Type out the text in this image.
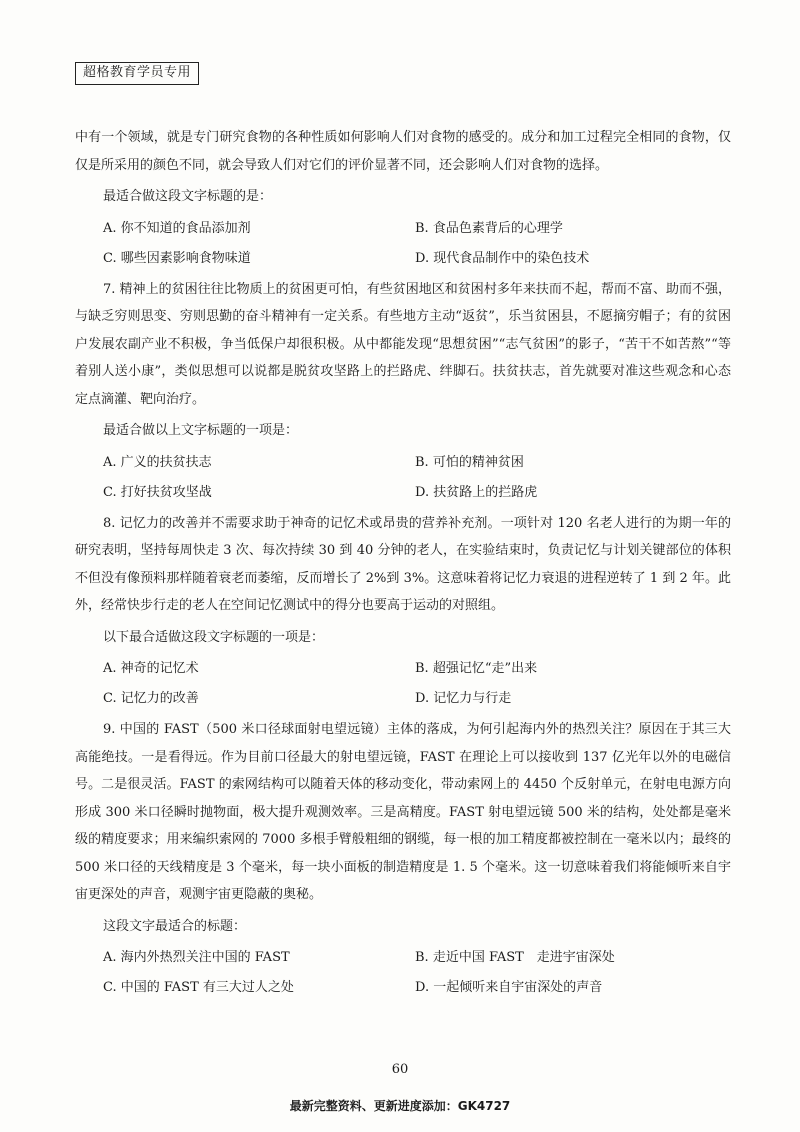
超格教育学员专用

中有一个领域，就是专门研究食物的各种性质如何影响人们对食物的感受的。成分和加工过程完全相同的食物，仅仅是所采用的颜色不同，就会导致人们对它们的评价显著不同，还会影响人们对食物的选择。

最适合做这段文字标题的是：

A. 你不知道的食品添加剂	B. 食品色素背后的心理学
C. 哪些因素影响食物味道	D. 现代食品制作中的染色技术

7. 精神上的贫困往往比物质上的贫困更可怕，有些贫困地区和贫困村多年来扶而不起，帮而不富、助而不强，与缺乏穷则思变、穷则思勤的奋斗精神有一定关系。有些地方主动“返贫”，乐当贫困县，不愿摘穷帽子；有的贫困户发展农副产业不积极，争当低保户却很积极。从中都能发现“思想贫困”“志气贫困”的影子，“苦干不如苦熬”“等着别人送小康”，类似思想可以说都是脱贫攻坚路上的拦路虎、绊脚石。扶贫扶志，首先就要对准这些观念和心态定点滴灌、靶向治疗。

最适合做以上文字标题的一项是：

A. 广义的扶贫扶志	B. 可怕的精神贫困
C. 打好扶贫攻坚战	D. 扶贫路上的拦路虎

8. 记忆力的改善并不需要求助于神奇的记忆术或昂贵的营养补充剂。一项针对 120 名老人进行的为期一年的研究表明，坚持每周快走 3 次、每次持续 30 到 40 分钟的老人，在实验结束时，负责记忆与计划关键部位的体积不但没有像预料那样随着衰老而萎缩，反而增长了 2%到 3%。这意味着将记忆力衰退的进程逆转了 1 到 2 年。此外，经常快步行走的老人在空间记忆测试中的得分也要高于运动的对照组。

以下最合适做这段文字标题的一项是：

A. 神奇的记忆术	B. 超强记忆“走”出来
C. 记忆力的改善	D. 记忆力与行走

9. 中国的 FAST（500 米口径球面射电望远镜）主体的落成，为何引起海内外的热烈关注？原因在于其三大高能绝技。一是看得远。作为目前口径最大的射电望远镜，FAST 在理论上可以接收到 137 亿光年以外的电磁信号。二是很灵活。FAST 的索网结构可以随着天体的移动变化，带动索网上的 4450 个反射单元，在射电电源方向形成 300 米口径瞬时抛物面，极大提升观测效率。三是高精度。FAST 射电望远镜 500 米的结构，处处都是毫米级的精度要求；用来编织索网的 7000 多根手臂般粗细的钢缆，每一根的加工精度都被控制在一毫米以内；最终的 500 米口径的天线精度是 3 个毫米，每一块小面板的制造精度是 1. 5 个毫米。这一切意味着我们将能倾听来自宇宙更深处的声音，观测宇宙更隐蔽的奥秘。

这段文字最适合的标题：

A. 海内外热烈关注中国的 FAST	B. 走近中国 FAST　走进宇宙深处
C. 中国的 FAST 有三大过人之处	D. 一起倾听来自宇宙深处的声音
60
最新完整资料、更新进度添加：GK4727
